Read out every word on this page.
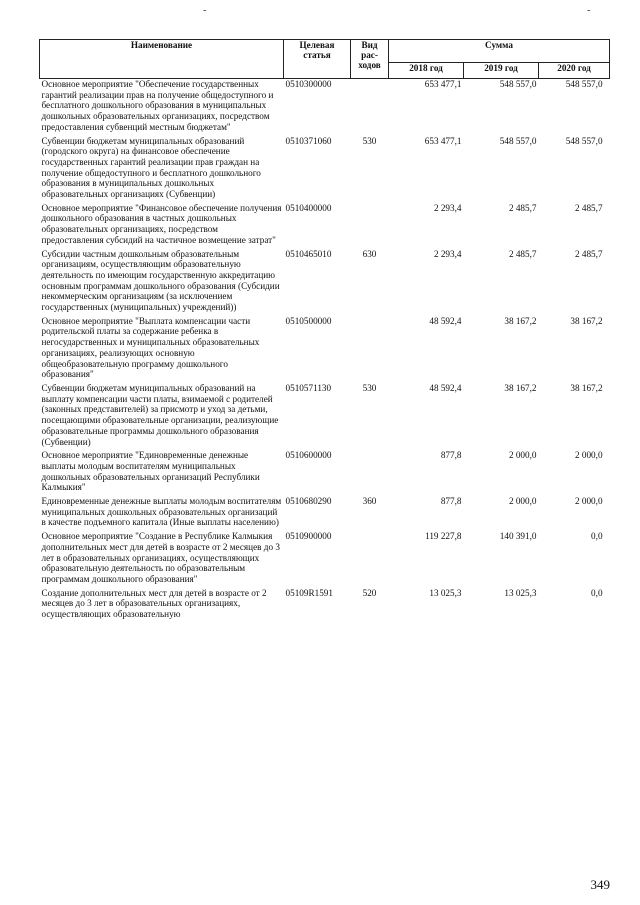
-	-
Наименование	Целевая статья	Вид рас-ходов	Сумма		
			2018 год	2019 год	2020 год
Основное мероприятие "Обеспечение государственных гарантий реализации прав на получение общедоступного и бесплатного дошкольного образования в муниципальных дошкольных образовательных организациях, посредством предоставления субвенций местным бюджетам"	0510300000		653 477,1	548 557,0	548 557,0
Субвенции бюджетам муниципальных образований (городского округа) на финансовое обеспечение государственных гарантий реализации прав граждан на получение общедоступного и бесплатного дошкольного образования в муниципальных дошкольных образовательных организациях (Субвенции)	0510371060	530	653 477,1	548 557,0	548 557,0
Основное мероприятие "Финансовое обеспечение получения дошкольного образования в частных дошкольных образовательных организациях, посредством предоставления субсидий на частичное возмещение затрат"	0510400000		2 293,4	2 485,7	2 485,7
Субсидии частным дошкольным образовательным организациям, осуществляющим образовательную деятельность по имеющим государственную аккредитацию основным программам дошкольного образования (Субсидии некоммерческим организациям (за исключением государственных (муниципальных) учреждений))	0510465010	630	2 293,4	2 485,7	2 485,7
Основное мероприятие "Выплата компенсации части родительской платы за содержание ребенка в негосударственных и муниципальных образовательных организациях, реализующих основную общеобразовательную программу дошкольного образования"	0510500000		48 592,4	38 167,2	38 167,2
Субвенции бюджетам муниципальных образований на выплату компенсации части платы, взимаемой с родителей (законных представителей) за присмотр и уход за детьми, посещающими образовательные организации, реализующие образовательные программы дошкольного образования (Субвенции)	0510571130	530	48 592,4	38 167,2	38 167,2
Основное мероприятие "Единовременные денежные выплаты молодым воспитателям муниципальных дошкольных образовательных организаций Республики Калмыкия"	0510600000		877,8	2 000,0	2 000,0
Единовременные денежные выплаты молодым воспитателям муниципальных дошкольных образовательных организаций в качестве подъемного капитала (Иные выплаты населению)	0510680290	360	877,8	2 000,0	2 000,0
Основное мероприятие "Создание в Республике Калмыкия дополнительных мест для детей в возрасте от 2 месяцев до 3 лет в образовательных организациях, осуществляющих образовательную деятельность по образовательным программам дошкольного образования"	0510900000		119 227,8	140 391,0	0,0
Создание дополнительных мест для детей в возрасте от 2 месяцев до 3 лет в образовательных организациях, осуществляющих образовательную	05109R1591	520	13 025,3	13 025,3	0,0
349
